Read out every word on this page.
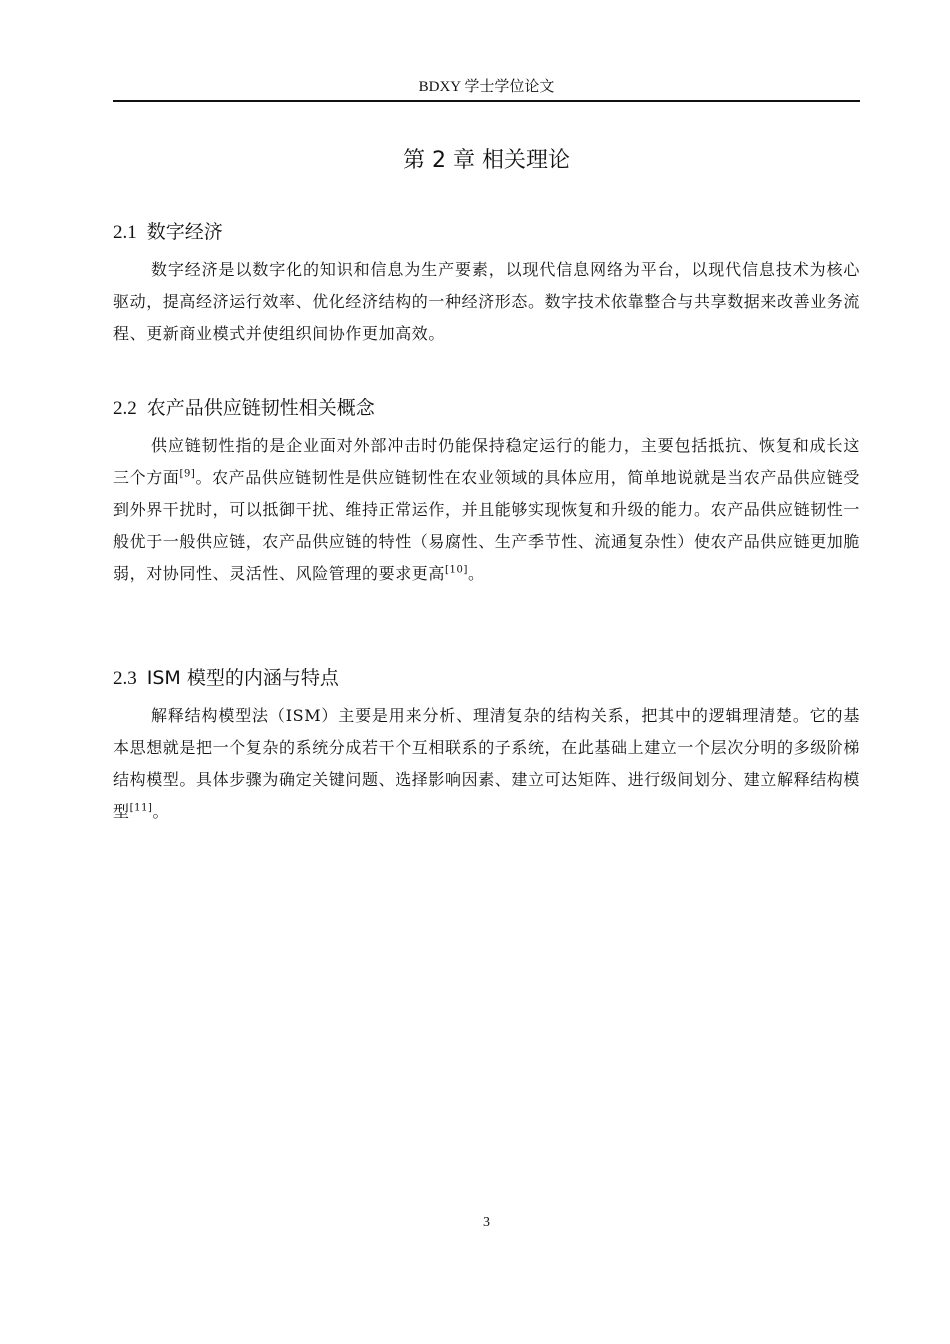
BDXY 学士学位论文
第 2 章 相关理论
2.1 数字经济

数字经济是以数字化的知识和信息为生产要素，以现代信息网络为平台，以现代信息技术为核心驱动，提高经济运行效率、优化经济结构的一种经济形态。数字技术依靠整合与共享数据来改善业务流程、更新商业模式并使组织间协作更加高效。

2.2 农产品供应链韧性相关概念

供应链韧性指的是企业面对外部冲击时仍能保持稳定运行的能力，主要包括抵抗、恢复和成长这三个方面[9]。农产品供应链韧性是供应链韧性在农业领域的具体应用，简单地说就是当农产品供应链受到外界干扰时，可以抵御干扰、维持正常运作，并且能够实现恢复和升级的能力。农产品供应链韧性一般优于一般供应链，农产品供应链的特性（易腐性、生产季节性、流通复杂性）使农产品供应链更加脆弱，对协同性、灵活性、风险管理的要求更高[10]。

2.3 ISM 模型的内涵与特点

解释结构模型法（ISM）主要是用来分析、理清复杂的结构关系，把其中的逻辑理清楚。它的基本思想就是把一个复杂的系统分成若干个互相联系的子系统，在此基础上建立一个层次分明的多级阶梯结构模型。具体步骤为确定关键问题、选择影响因素、建立可达矩阵、进行级间划分、建立解释结构模型[11]。

3
